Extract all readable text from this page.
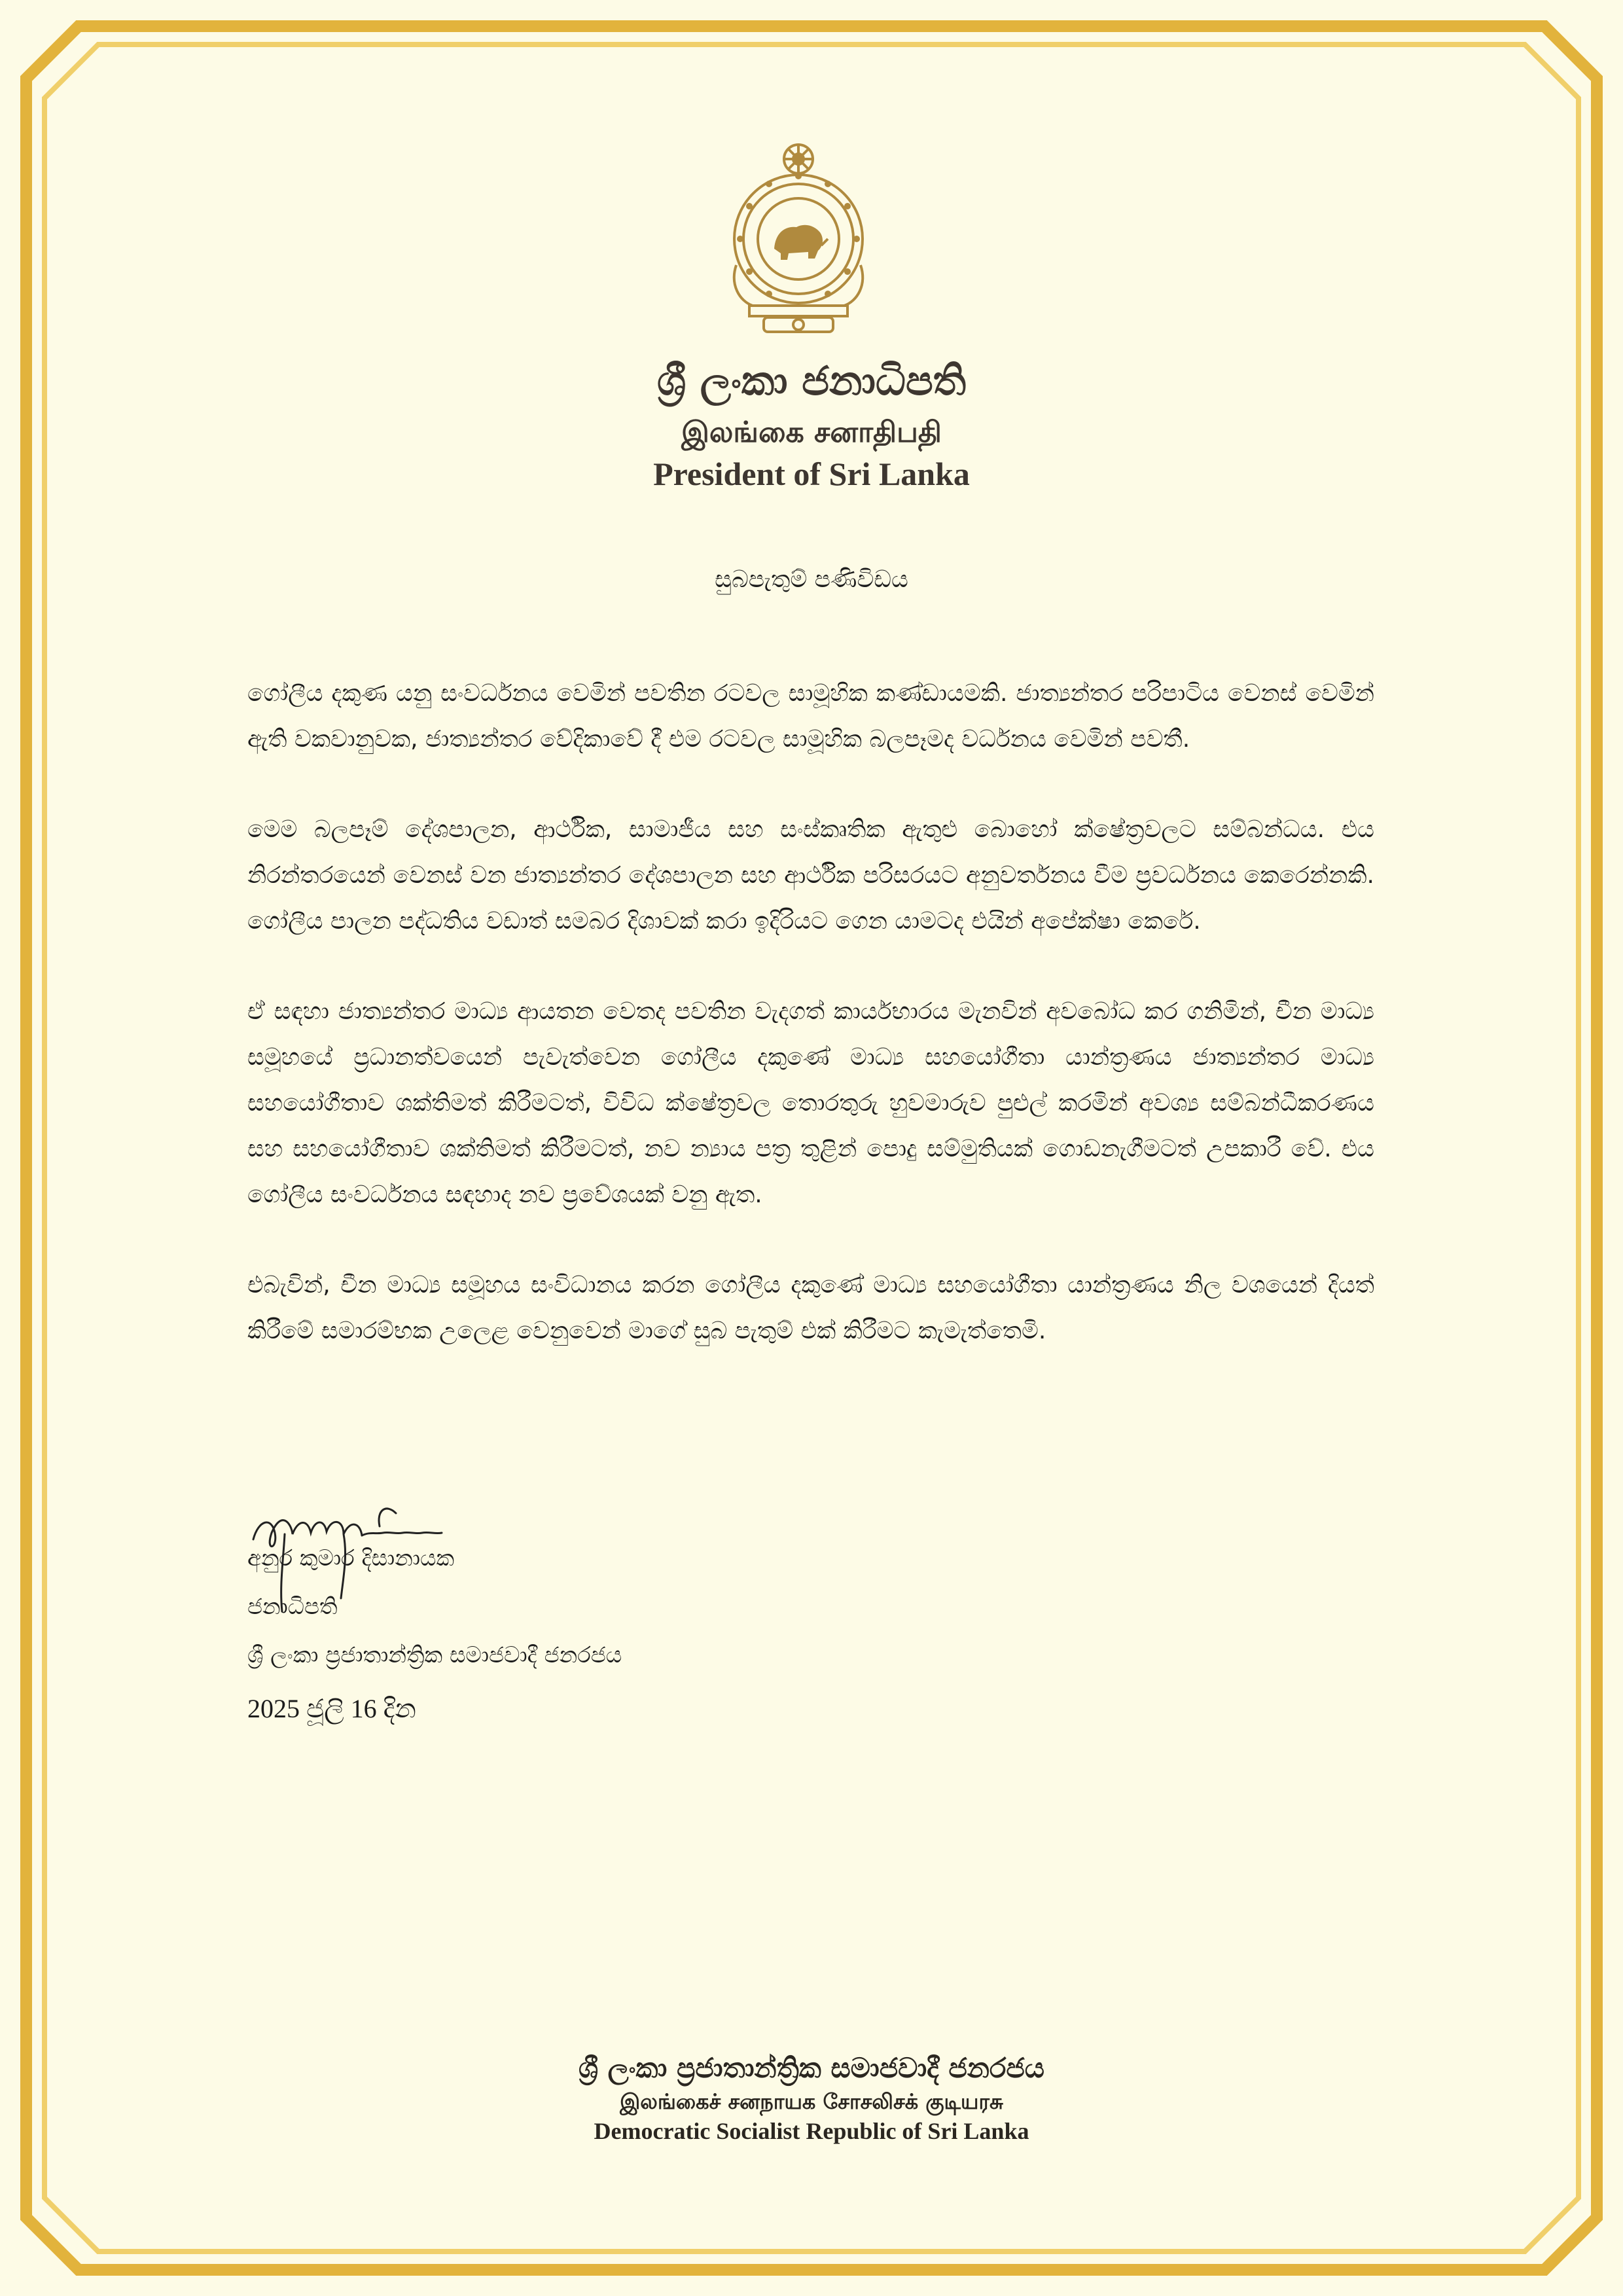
ශ්‍රී ලංකා ජනාධිපති
இலங்கை சனாதிபதி
President of Sri Lanka
සුබපැතුම් පණිවිඩය

ගෝලීය දකුණ යනු සංවර්ධනය වෙමින් පවතින රටවල සාමූහික කණ්ඩායමකි. ජාත්‍යන්තර පරිපාටිය වෙනස් වෙමින් ඇති වකවානුවක, ජාත්‍යන්තර වේදිකාවේ දී එම රටවල සාමූහික බලපෑමද වර්ධනය වෙමින් පවතී.

මෙම බලපෑම් දේශපාලන, ආර්ථික, සාමාජීය සහ සංස්කෘතික ඇතුළු බොහෝ ක්ෂේත්‍රවලට සම්බන්ධය. එය නිරන්තරයෙන් වෙනස් වන ජාත්‍යන්තර දේශපාලන සහ ආර්ථික පරිසරයට අනුවර්තනය වීම ප්‍රවර්ධනය කෙරෙන්නකි. ගෝලීය පාලන පද්ධතිය වඩාත් සමබර දිශාවක් කරා ඉදිරියට ගෙන යාමටද එයින් අපේක්ෂා කෙරේ.

ඒ සඳහා ජාත්‍යන්තර මාධ්‍ය ආයතන වෙතද පවතින වැදගත් කාර්යභාරය මැනවින් අවබෝධ කර ගනිමින්, චීන මාධ්‍ය සමූහයේ ප්‍රධානත්වයෙන් පැවැත්වෙන ගෝලීය දකුණේ මාධ්‍ය සහයෝගීතා යාන්ත්‍රණය ජාත්‍යන්තර මාධ්‍ය සහයෝගීතාව ශක්තිමත් කිරීමටත්, විවිධ ක්ෂේත්‍රවල තොරතුරු හුවමාරුව පුළුල් කරමින් අවශ්‍ය සම්බන්ධීකරණය සහ සහයෝගීතාව ශක්තිමත් කිරීමටත්, නව න්‍යාය පත්‍ර තුළින් පොදු සම්මුතියක් ගොඩනැගීමටත් උපකාරී වේ. එය ගෝලීය සංවර්ධනය සඳහාද නව ප්‍රවේශයක් වනු ඇත.

එබැවින්, චීන මාධ්‍ය සමූහය සංවිධානය කරන ගෝලීය දකුණේ මාධ්‍ය සහයෝගීතා යාන්ත්‍රණය නිල වශයෙන් දියත් කිරීමේ සමාරම්භක උලෙළ වෙනුවෙන් මාගේ සුබ පැතුම් එක් කිරීමට කැමැත්තෙමි.

අනුර කුමාර දිසානායක
ජනාධිපති
ශ්‍රී ලංකා ප්‍රජාතාන්ත්‍රික සමාජවාදී ජනරජය
2025 ජූලි 16 දින
ශ්‍රී ලංකා ප්‍රජාතාන්ත්‍රික සමාජවාදී ජනරජය
இலங்கைச் சனநாயக சோசலிசக் குடியரசு
Democratic Socialist Republic of Sri Lanka
